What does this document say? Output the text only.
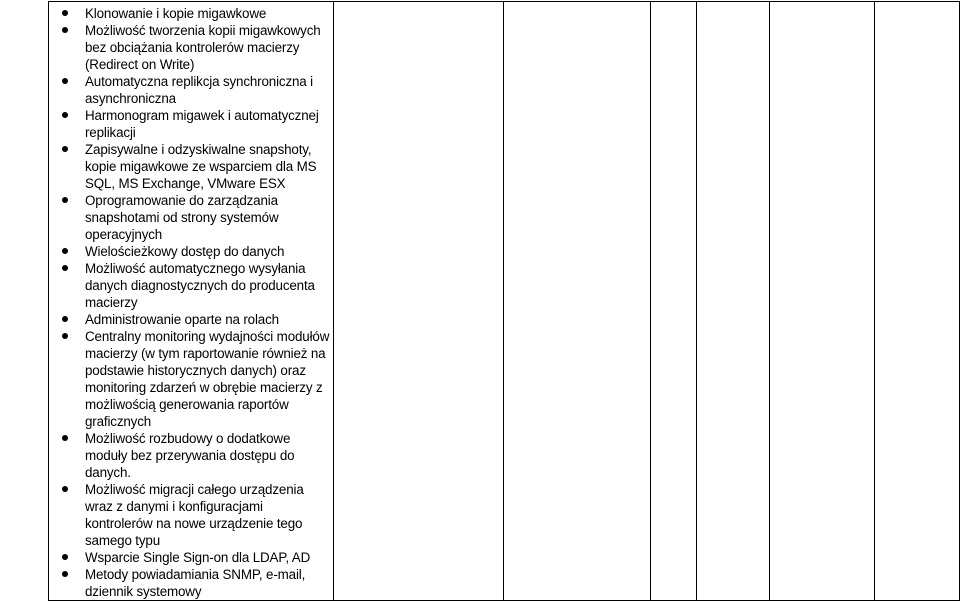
Klonowanie i kopie migawkowe
Możliwość tworzenia kopii migawkowych bez obciążania kontrolerów macierzy (Redirect on Write)
Automatyczna replikcja synchroniczna i asynchroniczna
Harmonogram migawek i automatycznej replikacji
Zapisywalne i odzyskiwalne snapshoty, kopie migawkowe ze wsparciem dla MS SQL, MS Exchange, VMware ESX
Oprogramowanie do zarządzania snapshotami od strony systemów operacyjnych
Wielościeżkowy dostęp do danych
Możliwość automatycznego wysyłania danych diagnostycznych do producenta macierzy
Administrowanie oparte na rolach
Centralny monitoring wydajności modułów macierzy (w tym raportowanie również na podstawie historycznych danych) oraz monitoring zdarzeń w obrębie macierzy z możliwością generowania raportów graficznych
Możliwość rozbudowy o dodatkowe moduły bez przerywania dostępu do danych.
Możliwość migracji całego urządzenia wraz z danymi i konfiguracjami kontrolerów na nowe urządzenie tego samego typu
Wsparcie Single Sign-on dla LDAP, AD
Metody powiadamiania SNMP, e-mail, dziennik systemowy
